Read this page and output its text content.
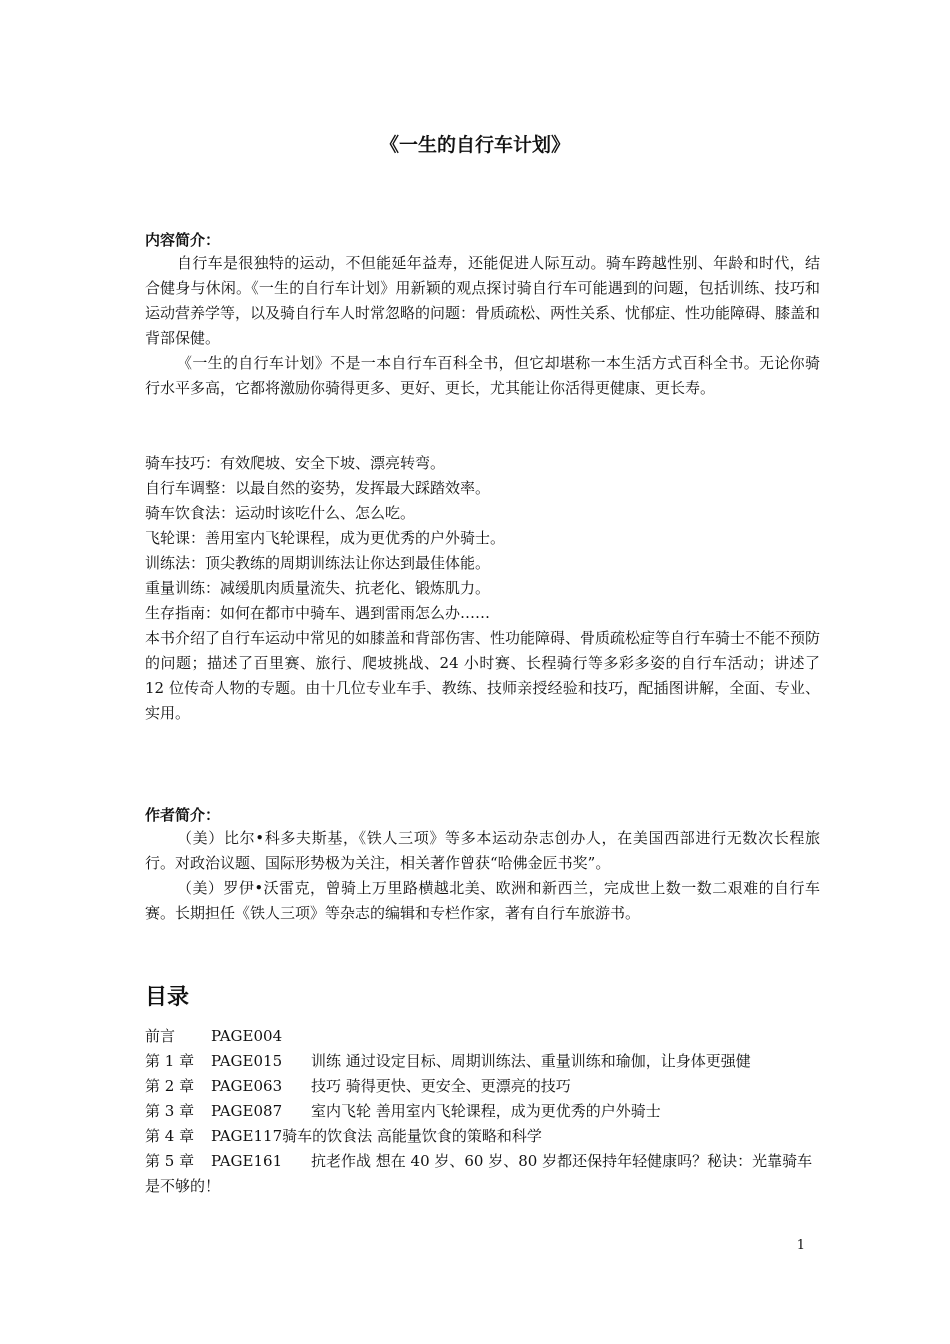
《一生的自行车计划》
内容简介：

自行车是很独特的运动，不但能延年益寿，还能促进人际互动。骑车跨越性别、年龄和时代，结合健身与休闲。《一生的自行车计划》用新颖的观点探讨骑自行车可能遇到的问题，包括训练、技巧和运动营养学等，以及骑自行车人时常忽略的问题：骨质疏松、两性关系、忧郁症、性功能障碍、膝盖和背部保健。

《一生的自行车计划》不是一本自行车百科全书，但它却堪称一本生活方式百科全书。无论你骑行水平多高，它都将激励你骑得更多、更好、更长，尤其能让你活得更健康、更长寿。

骑车技巧：有效爬坡、安全下坡、漂亮转弯。

自行车调整：以最自然的姿势，发挥最大踩踏效率。

骑车饮食法：运动时该吃什么、怎么吃。

飞轮课：善用室内飞轮课程，成为更优秀的户外骑士。

训练法：顶尖教练的周期训练法让你达到最佳体能。

重量训练：减缓肌肉质量流失、抗老化、锻炼肌力。

生存指南：如何在都市中骑车、遇到雷雨怎么办……

本书介绍了自行车运动中常见的如膝盖和背部伤害、性功能障碍、骨质疏松症等自行车骑士不能不预防的问题；描述了百里赛、旅行、爬坡挑战、24 小时赛、长程骑行等多彩多姿的自行车活动；讲述了 12 位传奇人物的专题。由十几位专业车手、教练、技师亲授经验和技巧，配插图讲解，全面、专业、实用。

作者简介：

（美）比尔•科多夫斯基，《铁人三项》等多本运动杂志创办人，在美国西部进行无数次长程旅行。对政治议题、国际形势极为关注，相关著作曾获“哈佛金匠书奖”。

（美）罗伊•沃雷克，曾骑上万里路横越北美、欧洲和新西兰，完成世上数一数二艰难的自行车赛。长期担任《铁人三项》等杂志的编辑和专栏作家，著有自行车旅游书。

目录
前言 PAGE004
第 1 章 PAGE015 训练 通过设定目标、周期训练法、重量训练和瑜伽，让身体更强健
第 2 章 PAGE063 技巧 骑得更快、更安全、更漂亮的技巧
第 3 章 PAGE087 室内飞轮 善用室内飞轮课程，成为更优秀的户外骑士
第 4 章 PAGE117骑车的饮食法 高能量饮食的策略和科学
第 5 章 PAGE161 抗老作战 想在 40 岁、60 岁、80 岁都还保持年轻健康吗？秘诀：光靠骑车是不够的！
1
